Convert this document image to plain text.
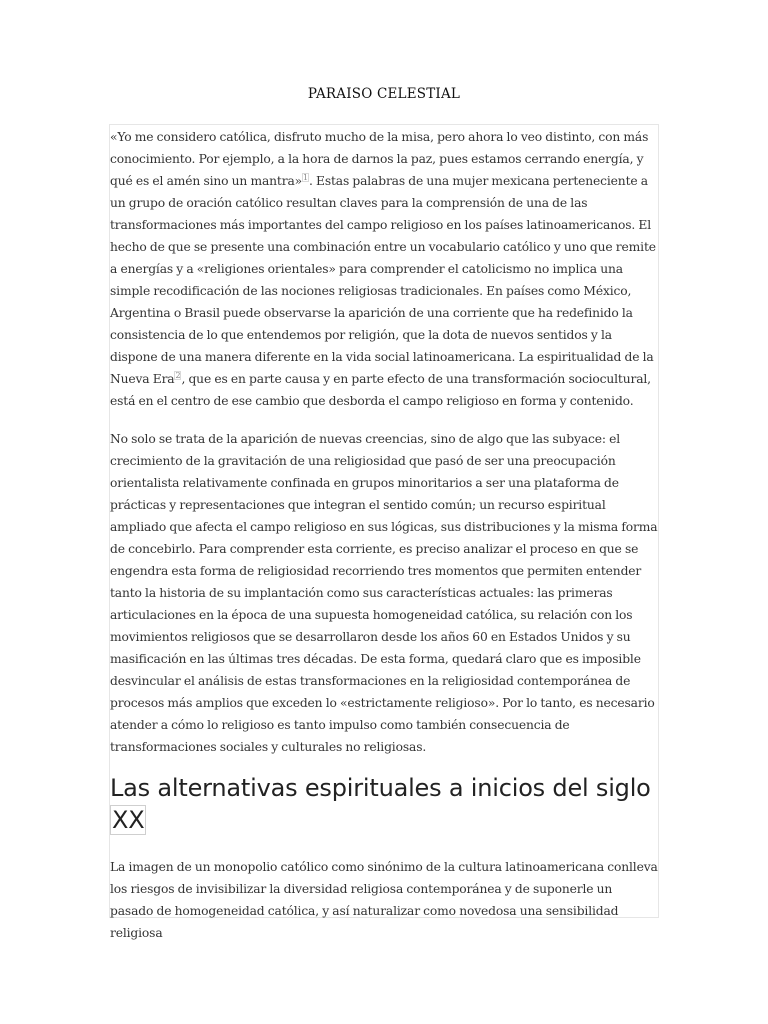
PARAISO CELESTIAL

«Yo me considero católica, disfruto mucho de la misa, pero ahora lo veo distinto, con más conocimiento. Por ejemplo, a la hora de darnos la paz, pues estamos cerrando energía, y qué es el amén sino un mantra»$^1$. Estas palabras de una mujer mexicana perteneciente a un grupo de oración católico resultan claves para la comprensión de una de las transformaciones más importantes del campo religioso en los países latinoamericanos. El hecho de que se presente una combinación entre un vocabulario católico y uno que remite a energías y a «religiones orientales» para comprender el catolicismo no implica una simple recodificación de las nociones religiosas tradicionales. En países como México, Argentina o Brasil puede observarse la aparición de una corriente que ha redefinido la consistencia de lo que entendemos por religión, que la dota de nuevos sentidos y la dispone de una manera diferente en la vida social latinoamericana. La espiritualidad de la Nueva Era$^2$, que es en parte causa y en parte efecto de una transformación sociocultural, está en el centro de ese cambio que desborda el campo religioso en forma y contenido.

No solo se trata de la aparición de nuevas creencias, sino de algo que las subyace: el crecimiento de la gravitación de una religiosidad que pasó de ser una preocupación orientalista relativamente confinada en grupos minoritarios a ser una plataforma de prácticas y representaciones que integran el sentido común; un recurso espiritual ampliado que afecta el campo religioso en sus lógicas, sus distribuciones y la misma forma de concebirlo. Para comprender esta corriente, es preciso analizar el proceso en que se engendra esta forma de religiosidad recorriendo tres momentos que permiten entender tanto la historia de su implantación como sus características actuales: las primeras articulaciones en la época de una supuesta homogeneidad católica, su relación con los movimientos religiosos que se desarrollaron desde los años 60 en Estados Unidos y su masificación en las últimas tres décadas. De esta forma, quedará claro que es imposible desvincular el análisis de estas transformaciones en la religiosidad contemporánea de procesos más amplios que exceden lo «estrictamente religioso». Por lo tanto, es necesario atender a cómo lo religioso es tanto impulso como también consecuencia de transformaciones sociales y culturales no religiosas.

Las alternativas espirituales a inicios del siglo XX

La imagen de un monopolio católico como sinónimo de la cultura latinoamericana conlleva los riesgos de invisibilizar la diversidad religiosa contemporánea y de suponerle un pasado de homogeneidad católica, y así naturalizar como novedosa una sensibilidad religiosa
